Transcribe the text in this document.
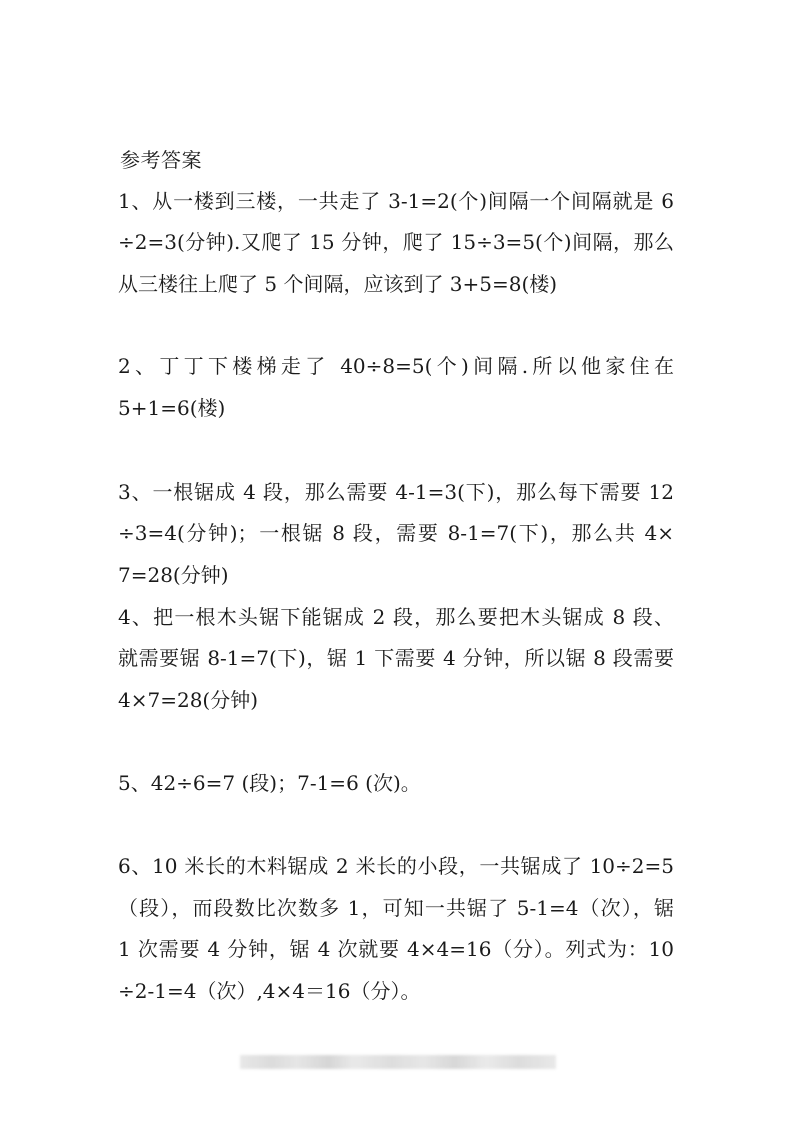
参考答案
1、从一楼到三楼，一共走了 3-1=2(个)间隔一个间隔就是 6
÷2=3(分钟).又爬了 15 分钟，爬了 15÷3=5(个)间隔，那么
从三楼往上爬了 5 个间隔，应该到了 3+5=8(楼)
2、丁丁下楼梯走了 40÷8=5(个)间隔.所以他家住在
5+1=6(楼)
3、一根锯成 4 段，那么需要 4-1=3(下)，那么每下需要 12
÷3=4(分钟)；一根锯 8 段，需要 8-1=7(下)，那么共 4×
7=28(分钟)
4、把一根木头锯下能锯成 2 段，那么要把木头锯成 8 段、
就需要锯 8-1=7(下)，锯 1 下需要 4 分钟，所以锯 8 段需要
4×7=28(分钟)
5、42÷6=7 (段)；7-1=6 (次)。
6、10 米长的木料锯成 2 米长的小段，一共锯成了 10÷2=5
（段），而段数比次数多 1，可知一共锯了 5-1=4（次），锯
1 次需要 4 分钟，锯 4 次就要 4×4=16（分）。列式为：10
÷2-1=4（次）,4×4＝16（分）。
